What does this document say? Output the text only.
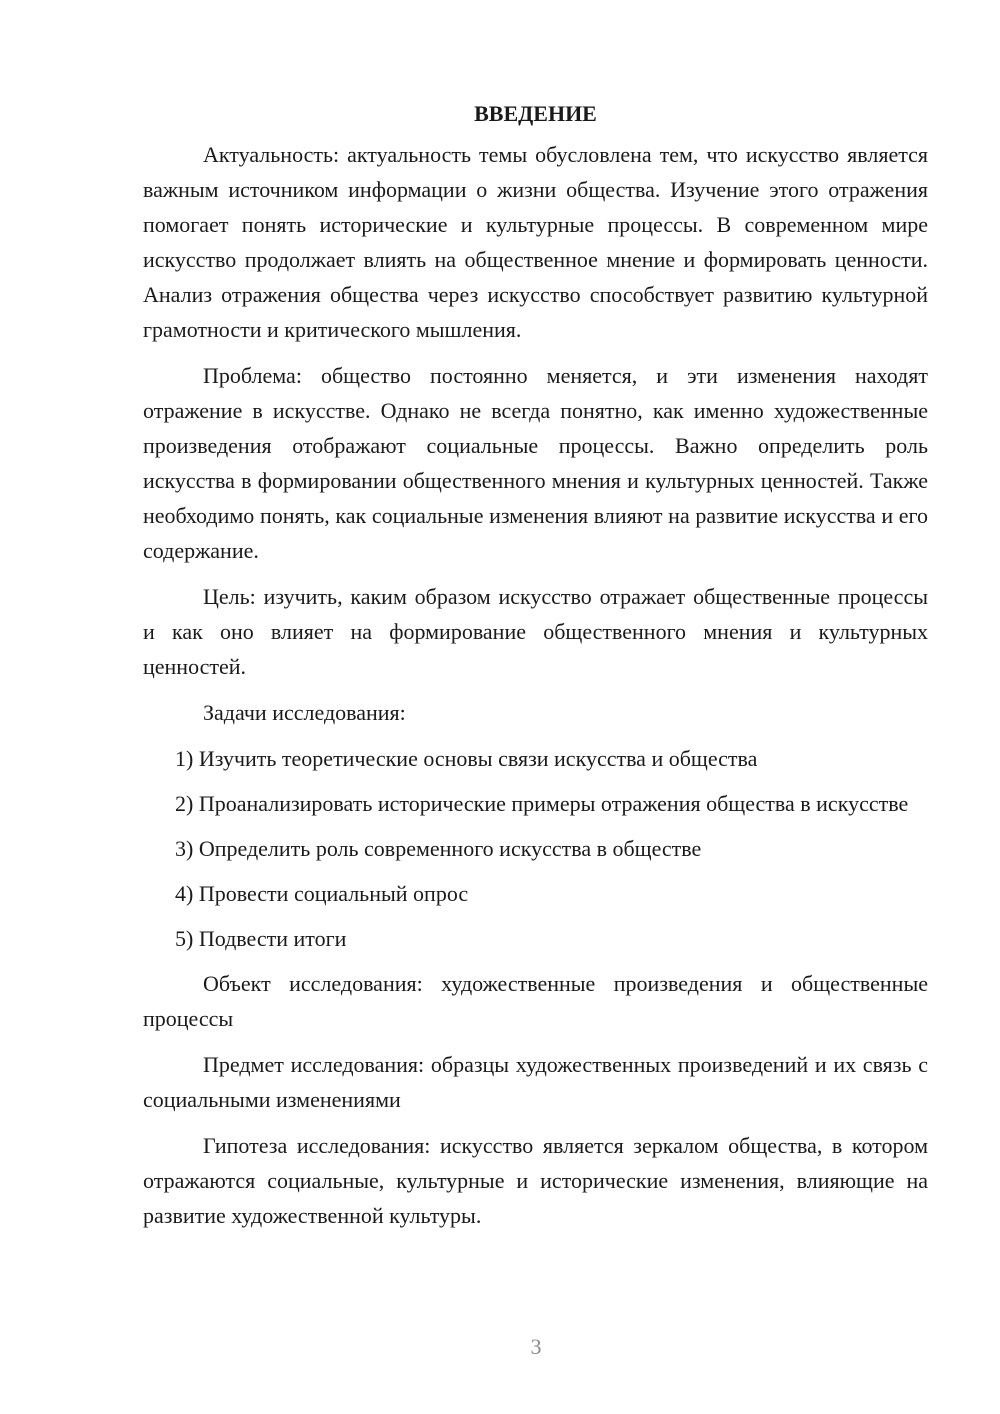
ВВЕДЕНИЕ

Актуальность: актуальность темы обусловлена тем, что искусство является важным источником информации о жизни общества. Изучение этого отражения помогает понять исторические и культурные процессы. В современном мире искусство продолжает влиять на общественное мнение и формировать ценности. Анализ отражения общества через искусство способствует развитию культурной грамотности и критического мышления.

Проблема: общество постоянно меняется, и эти изменения находят отражение в искусстве. Однако не всегда понятно, как именно художественные произведения отображают социальные процессы. Важно определить роль искусства в формировании общественного мнения и культурных ценностей. Также необходимо понять, как социальные изменения влияют на развитие искусства и его содержание.

Цель: изучить, каким образом искусство отражает общественные процессы и как оно влияет на формирование общественного мнения и культурных ценностей.

Задачи исследования:

1) Изучить теоретические основы связи искусства и общества

2) Проанализировать исторические примеры отражения общества в искусстве

3) Определить роль современного искусства в обществе

4) Провести социальный опрос

5) Подвести итоги

Объект исследования: художественные произведения и общественные процессы

Предмет исследования: образцы художественных произведений и их связь с социальными изменениями

Гипотеза исследования: искусство является зеркалом общества, в котором отражаются социальные, культурные и исторические изменения, влияющие на развитие художественной культуры.

3
